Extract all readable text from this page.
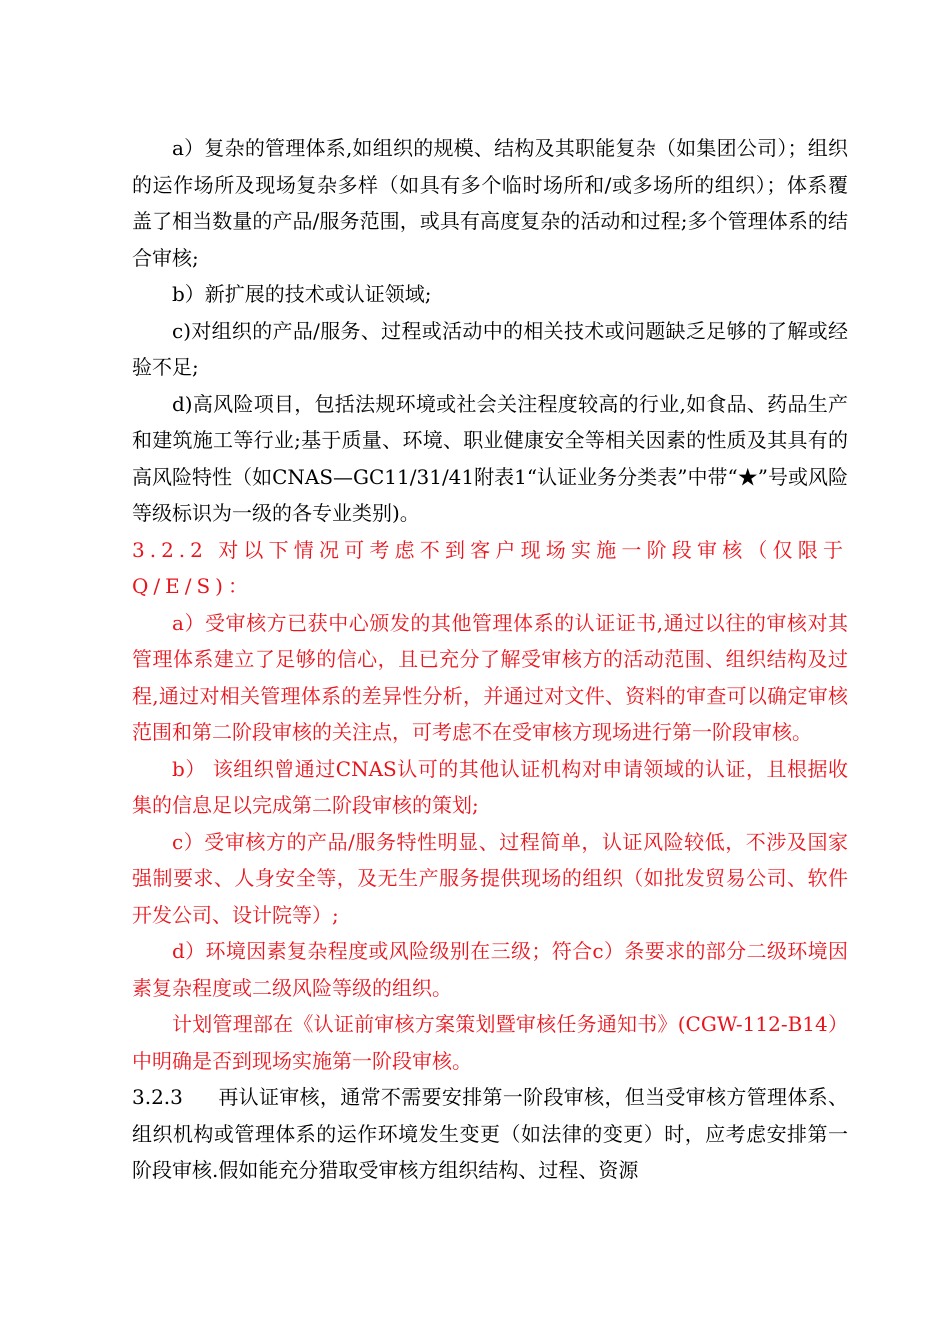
a）复杂的管理体系,如组织的规模、结构及其职能复杂（如集团公司）；组织的运作场所及现场复杂多样（如具有多个临时场所和/或多场所的组织）；体系覆盖了相当数量的产品/服务范围，或具有高度复杂的活动和过程;多个管理体系的结合审核;

b）新扩展的技术或认证领域;

c)对组织的产品/服务、过程或活动中的相关技术或问题缺乏足够的了解或经验不足;

d)高风险项目，包括法规环境或社会关注程度较高的行业,如食品、药品生产和建筑施工等行业;基于质量、环境、职业健康安全等相关因素的性质及其具有的高风险特性（如CNAS—GC11/31/41附表1“认证业务分类表”中带“★”号或风险等级标识为一级的各专业类别)。

3.2.2 对以下情况可考虑不到客户现场实施一阶段审核（仅限于Q/E/S)：

a）受审核方已获中心颁发的其他管理体系的认证证书,通过以往的审核对其管理体系建立了足够的信心，且已充分了解受审核方的活动范围、组织结构及过程,通过对相关管理体系的差异性分析，并通过对文件、资料的审查可以确定审核范围和第二阶段审核的关注点，可考虑不在受审核方现场进行第一阶段审核。

b） 该组织曾通过CNAS认可的其他认证机构对申请领域的认证，且根据收集的信息足以完成第二阶段审核的策划;

c）受审核方的产品/服务特性明显、过程简单，认证风险较低，不涉及国家强制要求、人身安全等，及无生产服务提供现场的组织（如批发贸易公司、软件开发公司、设计院等）;

d）环境因素复杂程度或风险级别在三级；符合c）条要求的部分二级环境因素复杂程度或二级风险等级的组织。

计划管理部在《认证前审核方案策划暨审核任务通知书》(CGW-112-B14）中明确是否到现场实施第一阶段审核。

3.2.3 再认证审核，通常不需要安排第一阶段审核，但当受审核方管理体系、组织机构或管理体系的运作环境发生变更（如法律的变更）时，应考虑安排第一阶段审核.假如能充分猎取受审核方组织结构、过程、资源
